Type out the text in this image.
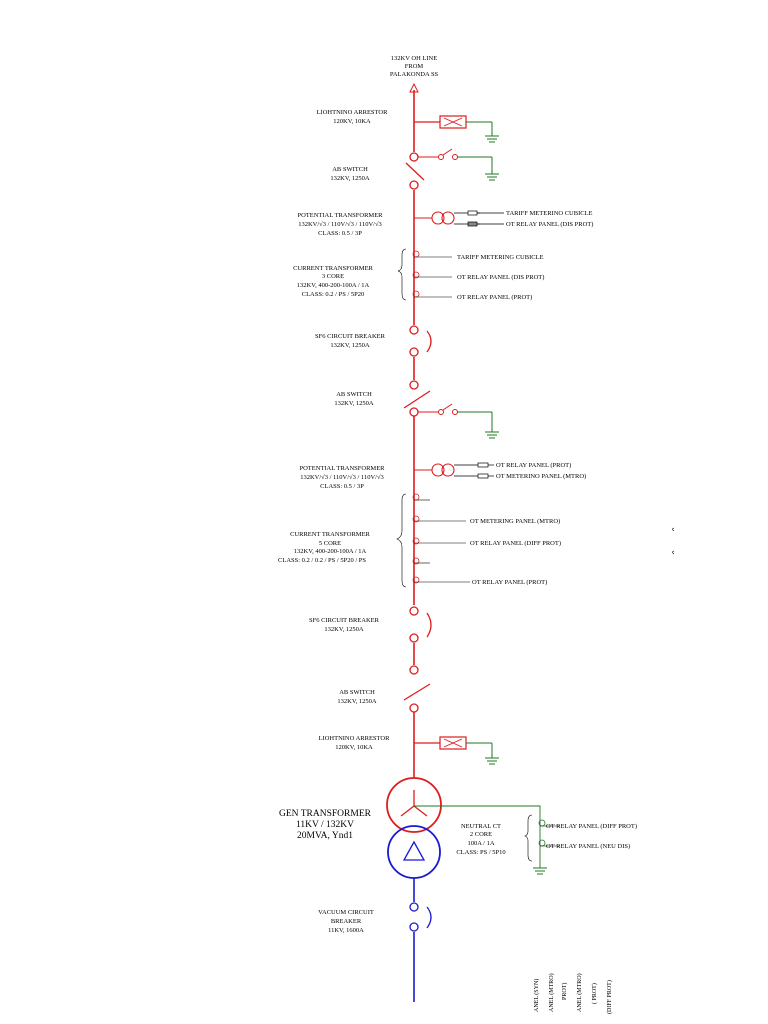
132KV OH LINE
FROM
PALAKONDA SS
LIOHTNINO ARRESTOR
120KV, 10KA
AB SWITCH
132KV, 1250A
POTENTIAL TRANSFORMER
132KV/√3 / 110V/√3 / 110V/√3
CLASS: 0.5 / 3P
TARIFF METERINO CUBICLE
OT RELAY PANEL (DIS PROT)
CURRENT TRANSFORMER
3 CORE
132KV, 400-200-100A / 1A
CLASS: 0.2 / PS / 5P20
TARIFF METERING CUBICLE
OT RELAY PANEL (DIS PROT)
OT RELAY PANEL (PROT)
SF6 CIRCUIT BREAKER
132KV, 1250A
AB SWITCH
132KV, 1250A
POTENTIAL TRANSFORMER
132KV/√3 / 110V/√3 / 110V/√3
CLASS: 0.5 / 3P
OT RELAY PANEL (PROT)
OT METERINO PANEL (MTRO)
CURRENT TRANSFORMER
5 CORE
132KV, 400-200-100A / 1A
CLASS: 0.2 / 0.2 / PS / 5P20 / PS
OT METERING PANEL (MTRO)
OT RELAY PANEL (DIFF PROT)
OT RELAY PANEL (PROT)
SF6 CIRCUIT BREAKER
132KV, 1250A
AB SWITCH
132KV, 1250A
LIOHTNINO ARRESTOR
120KV, 10KA
GEN TRANSFORMER
11KV / 132KV
20MVA, Ynd1
NEUTRAL CT
2 CORE
100A / 1A
CLASS: PS / 5P10
OT RELAY PANEL (DIFF PROT)
OT RELAY PANEL (NEU DIS)
VACUUM CIRCUIT
BREAKER
11KV, 1600A
ANEL (SYN) ANEL (MTRO) PROT) ANEL (MTRO) ( PROT) (DIFF PROT)
